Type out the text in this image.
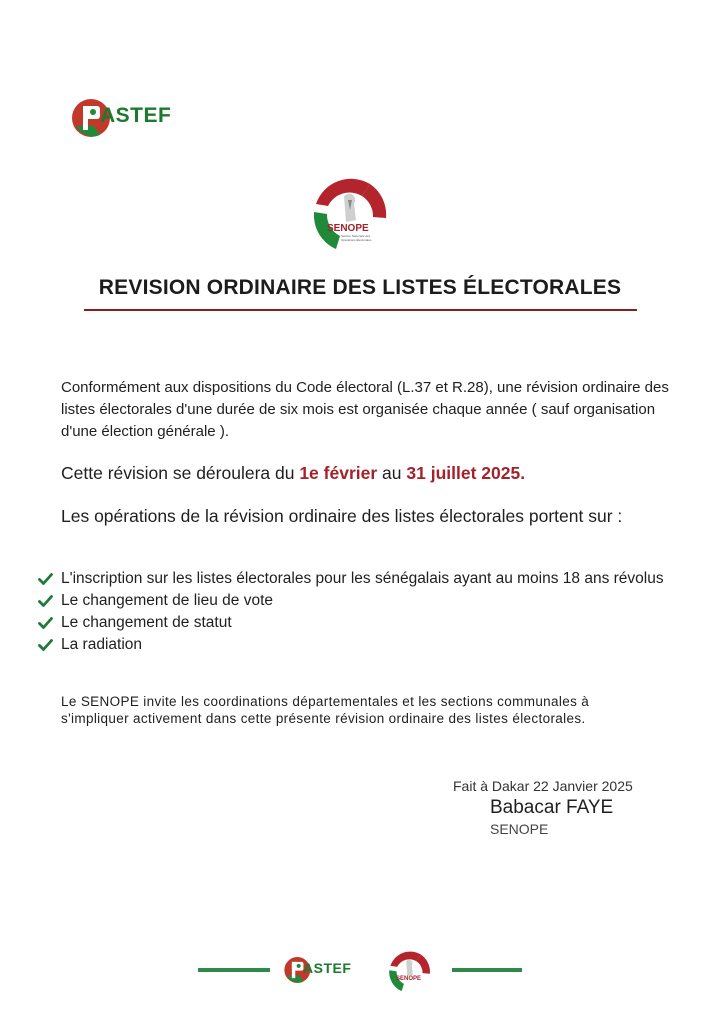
ASTEF
SENOPE
Section Nationale des Opérations Électorales
REVISION ORDINAIRE DES LISTES ÉLECTORALES
Conformément aux dispositions du Code électoral (L.37 et R.28), une révision ordinaire des listes électorales d'une durée de six mois est organisée chaque année ( sauf organisation d'une élection générale ).
Cette révision se déroulera du 1e février au 31 juillet 2025.
Les opérations de la révision ordinaire des listes électorales portent sur :
L'inscription sur les listes électorales pour les sénégalais ayant au moins 18 ans révolus
Le changement de lieu de vote
Le changement de statut
La radiation
Le SENOPE invite les coordinations départementales et les sections communales à s'impliquer activement dans cette présente révision ordinaire des listes électorales.
Fait à Dakar 22 Janvier 2025
Babacar FAYE
SENOPE
ASTEF
SENOPE
